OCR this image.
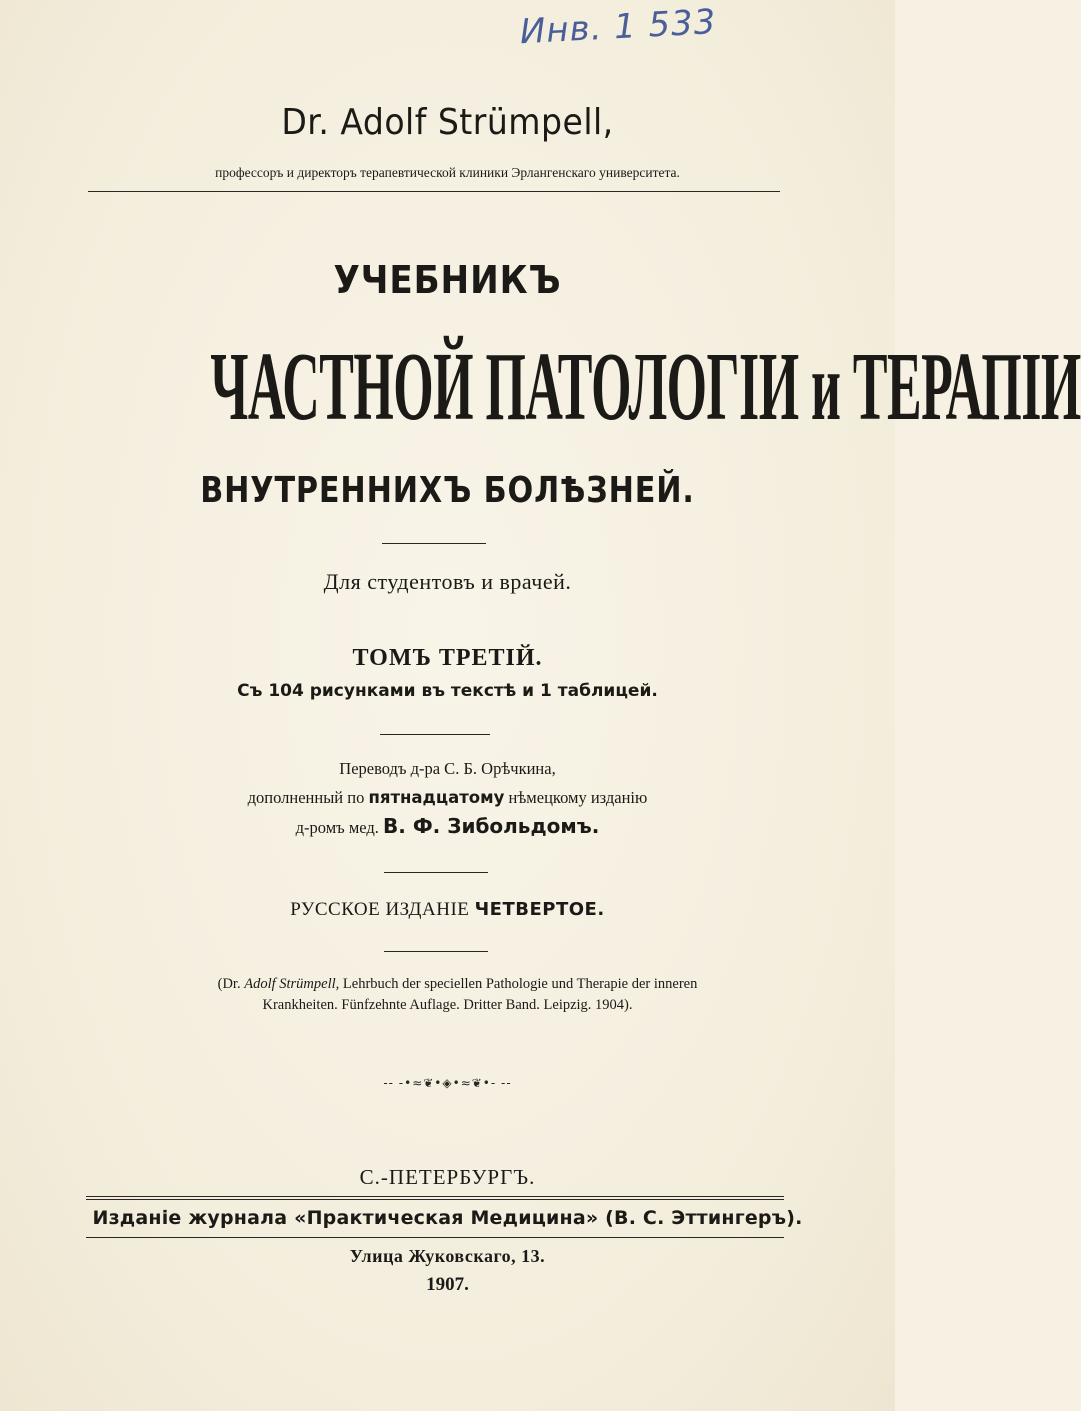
Инв. 1 533
Dr. Adolf Strümpell,
профессоръ и директоръ терапевтической клиники Эрлангенскаго университета.
УЧЕБНИКЪ
ЧАСТНОЙ ПАТОЛОГІИ и ТЕРАПІИ
ВНУТРЕННИХЪ БОЛѢЗНЕЙ.
Для студентовъ и врачей.
ТОМЪ ТРЕТІЙ.
Съ 104 рисунками въ текстѣ и 1 таблицей.
Переводъ д-ра С. Б. Орѣчкина,
дополненный по пятнадцатому нѣмецкому изданію
д-ромъ мед. В. Ф. Зибольдомъ.
РУССКОЕ ИЗДАНІЕ ЧЕТВЕРТОЕ.
(Dr. Adolf Strümpell, Lehrbuch der speciellen Pathologie und Therapie der inneren
Krankheiten. Fünfzehnte Auflage. Dritter Band. Leipzig. 1904).
-- -•≈❦•◈•≈❦•- --
С.-ПЕТЕРБУРГЪ.
Изданіе журнала «Практическая Медицина» (В. С. Эттингеръ).
Улица Жуковскаго, 13.
1907.
